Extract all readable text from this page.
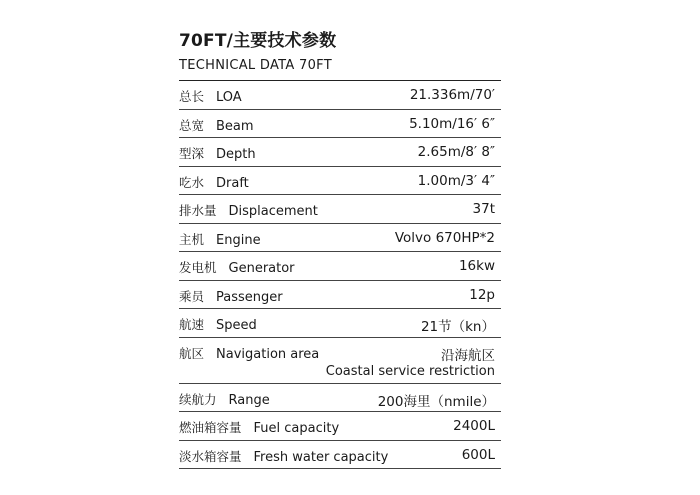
70FT/主要技术参数
TECHNICAL DATA 70FT
总长 LOA	21.336m/70′
总宽 Beam	5.10m/16′ 6″
型深 Depth	2.65m/8′ 8″
吃水 Draft	1.00m/3′ 4″
排水量 Displacement	37t
主机 Engine	Volvo 670HP*2
发电机 Generator	16kw
乘员 Passenger	12p
航速 Speed	21节（kn）
航区 Navigation area	沿海航区
Coastal service restriction
续航力 Range	200海里（nmile）
燃油箱容量 Fuel capacity	2400L
淡水箱容量 Fresh water capacity	600L
